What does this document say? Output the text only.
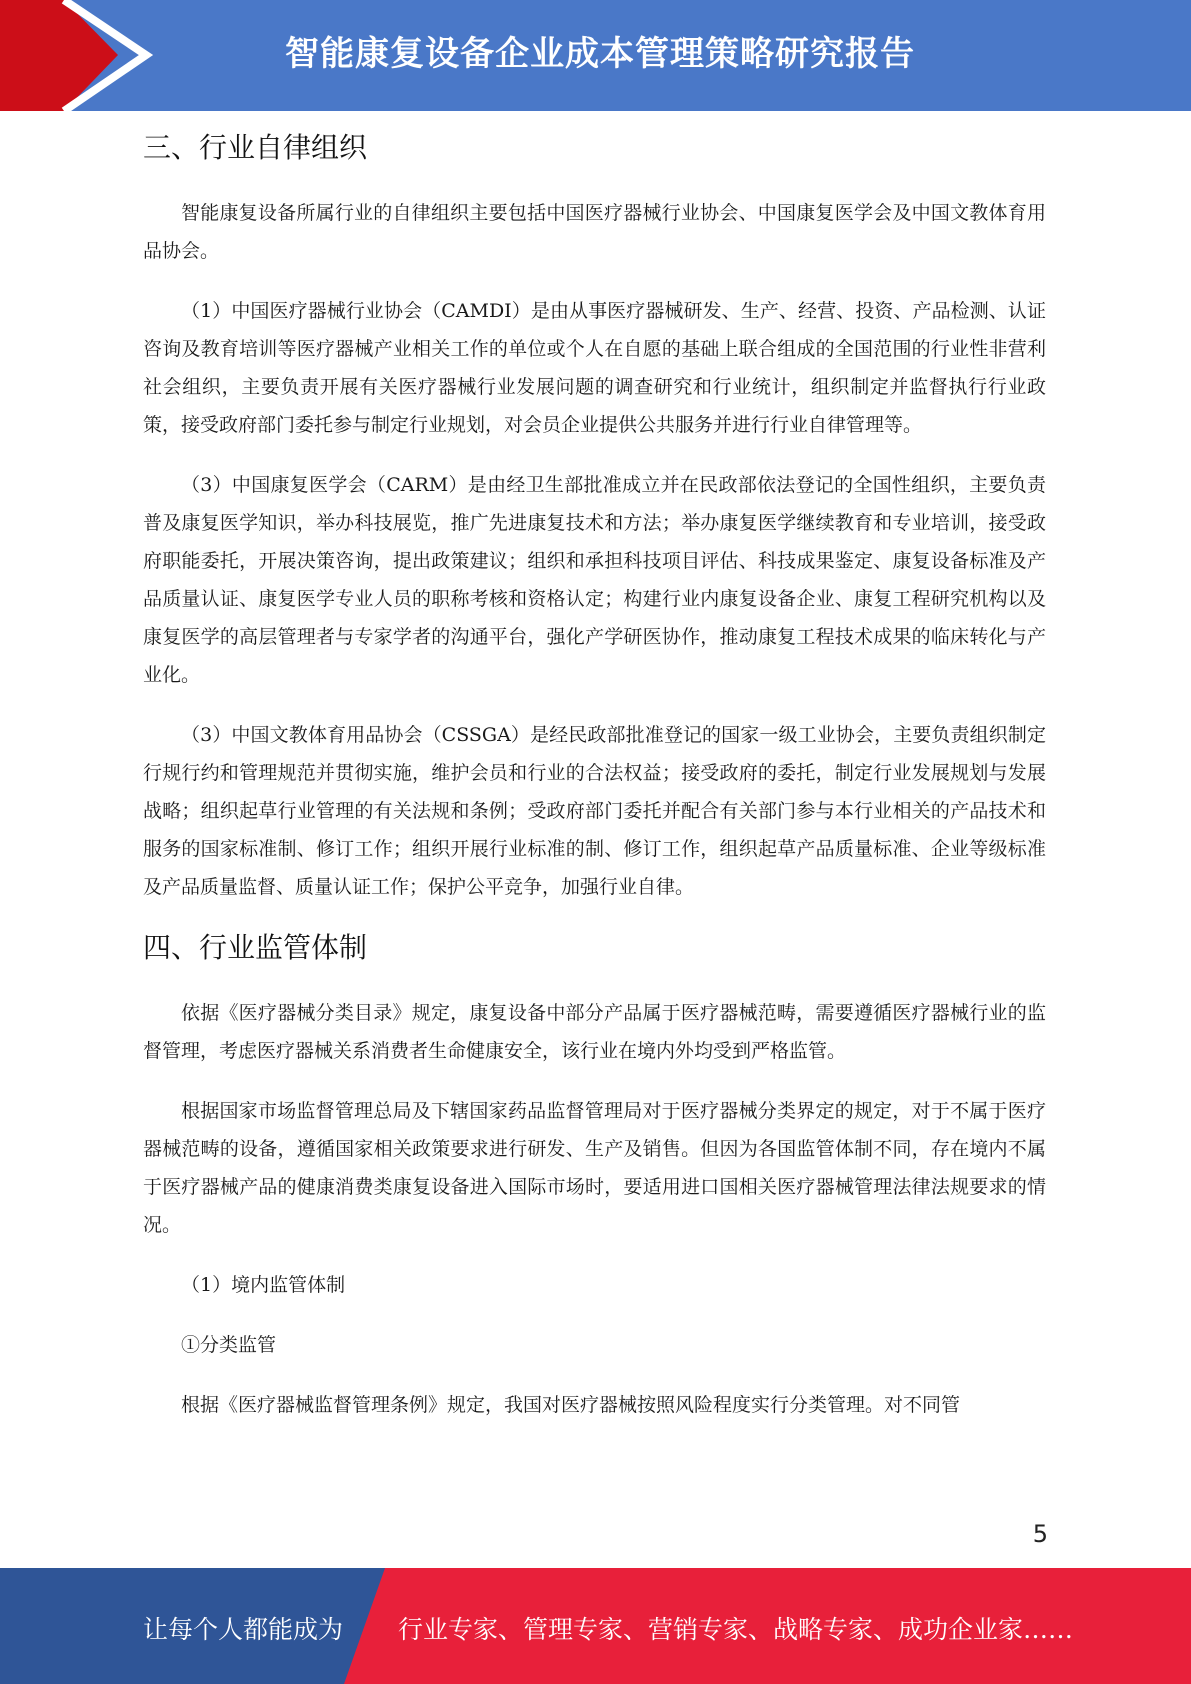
智能康复设备企业成本管理策略研究报告
三、行业自律组织

智能康复设备所属行业的自律组织主要包括中国医疗器械行业协会、中国康复医学会及中国文教体育用品协会。

（1）中国医疗器械行业协会（CAMDI）是由从事医疗器械研发、生产、经营、投资、产品检测、认证咨询及教育培训等医疗器械产业相关工作的单位或个人在自愿的基础上联合组成的全国范围的行业性非营利社会组织，主要负责开展有关医疗器械行业发展问题的调查研究和行业统计，组织制定并监督执行行业政策，接受政府部门委托参与制定行业规划，对会员企业提供公共服务并进行行业自律管理等。

（3）中国康复医学会（CARM）是由经卫生部批准成立并在民政部依法登记的全国性组织，主要负责普及康复医学知识，举办科技展览，推广先进康复技术和方法；举办康复医学继续教育和专业培训，接受政府职能委托，开展决策咨询，提出政策建议；组织和承担科技项目评估、科技成果鉴定、康复设备标准及产品质量认证、康复医学专业人员的职称考核和资格认定；构建行业内康复设备企业、康复工程研究机构以及康复医学的高层管理者与专家学者的沟通平台，强化产学研医协作，推动康复工程技术成果的临床转化与产业化。

（3）中国文教体育用品协会（CSSGA）是经民政部批准登记的国家一级工业协会，主要负责组织制定行规行约和管理规范并贯彻实施，维护会员和行业的合法权益；接受政府的委托，制定行业发展规划与发展战略；组织起草行业管理的有关法规和条例；受政府部门委托并配合有关部门参与本行业相关的产品技术和服务的国家标准制、修订工作；组织开展行业标准的制、修订工作，组织起草产品质量标准、企业等级标准及产品质量监督、质量认证工作；保护公平竞争，加强行业自律。

四、行业监管体制

依据《医疗器械分类目录》规定，康复设备中部分产品属于医疗器械范畴，需要遵循医疗器械行业的监督管理，考虑医疗器械关系消费者生命健康安全，该行业在境内外均受到严格监管。

根据国家市场监督管理总局及下辖国家药品监督管理局对于医疗器械分类界定的规定，对于不属于医疗器械范畴的设备，遵循国家相关政策要求进行研发、生产及销售。但因为各国监管体制不同，存在境内不属于医疗器械产品的健康消费类康复设备进入国际市场时，要适用进口国相关医疗器械管理法律法规要求的情况。

（1）境内监管体制

①分类监管

根据《医疗器械监督管理条例》规定，我国对医疗器械按照风险程度实行分类管理。对不同管

5
让每个人都能成为 行业专家、管理专家、营销专家、战略专家、成功企业家……
